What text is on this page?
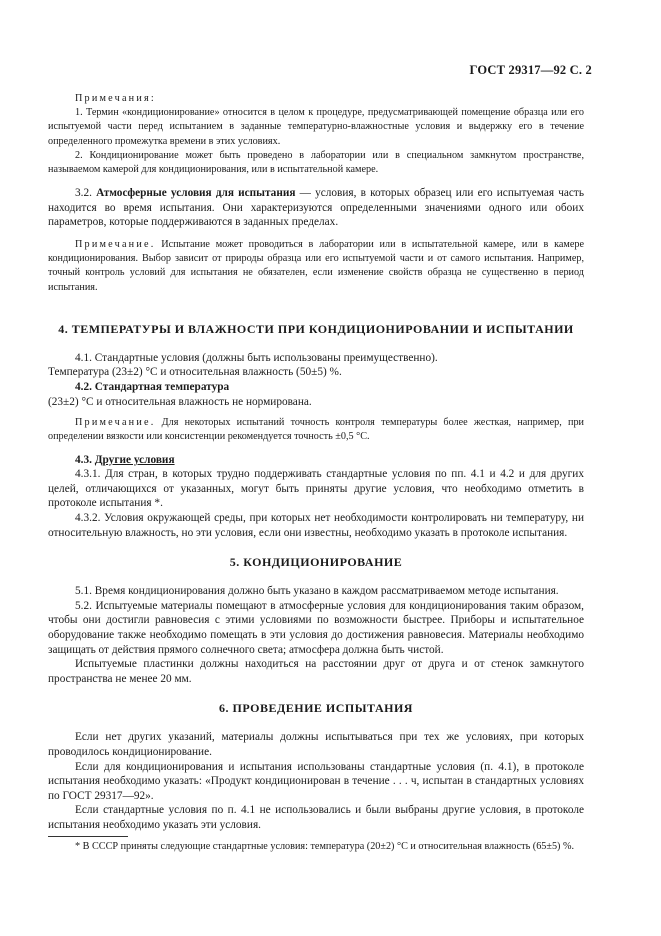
ГОСТ 29317—92 С. 2

Примечания:

1. Термин «кондиционирование» относится в целом к процедуре, предусматривающей помещение образца или его испытуемой части перед испытанием в заданные температурно-влажностные условия и выдержку его в течение определенного промежутка времени в этих условиях.

2. Кондиционирование может быть проведено в лаборатории или в специальном замкнутом пространстве, называемом камерой для кондиционирования, или в испытательной камере.

3.2. Атмосферные условия для испытания — условия, в которых образец или его испытуемая часть находится во время испытания. Они характеризуются определенными значениями одного или обоих параметров, которые поддерживаются в заданных пределах.

Примечание. Испытание может проводиться в лаборатории или в испытательной камере, или в камере кондиционирования. Выбор зависит от природы образца или его испытуемой части и от самого испытания. Например, точный контроль условий для испытания не обязателен, если изменение свойств образца не существенно в период испытания.

4. ТЕМПЕРАТУРЫ И ВЛАЖНОСТИ ПРИ КОНДИЦИОНИРОВАНИИ И ИСПЫТАНИИ

4.1. Стандартные условия (должны быть использованы преимущественно).

Температура (23±2) °С и относительная влажность (50±5) %.

4.2. Стандартная температура

(23±2) °С и относительная влажность не нормирована.

Примечание. Для некоторых испытаний точность контроля температуры более жесткая, например, при определении вязкости или консистенции рекомендуется точность ±0,5 °С.

4.3. Другие условия

4.3.1. Для стран, в которых трудно поддерживать стандартные условия по пп. 4.1 и 4.2 и для других целей, отличающихся от указанных, могут быть приняты другие условия, что необходимо отметить в протоколе испытания *.

4.3.2. Условия окружающей среды, при которых нет необходимости контролировать ни температуру, ни относительную влажность, но эти условия, если они известны, необходимо указать в протоколе испытания.

5. КОНДИЦИОНИРОВАНИЕ

5.1. Время кондиционирования должно быть указано в каждом рассматриваемом методе испытания.

5.2. Испытуемые материалы помещают в атмосферные условия для кондиционирования таким образом, чтобы они достигли равновесия с этими условиями по возможности быстрее. Приборы и испытательное оборудование также необходимо помещать в эти условия до достижения равновесия. Материалы необходимо защищать от действия прямого солнечного света; атмосфера должна быть чистой.

Испытуемые пластинки должны находиться на расстоянии друг от друга и от стенок замкнутого пространства не менее 20 мм.

6. ПРОВЕДЕНИЕ ИСПЫТАНИЯ

Если нет других указаний, материалы должны испытываться при тех же условиях, при которых проводилось кондиционирование.

Если для кондиционирования и испытания использованы стандартные условия (п. 4.1), в протоколе испытания необходимо указать: «Продукт кондиционирован в течение . . . ч, испытан в стандартных условиях по ГОСТ 29317—92».

Если стандартные условия по п. 4.1 не использовались и были выбраны другие условия, в протоколе испытания необходимо указать эти условия.

* В СССР приняты следующие стандартные условия: температура (20±2) °С и относительная влажность (65±5) %.
